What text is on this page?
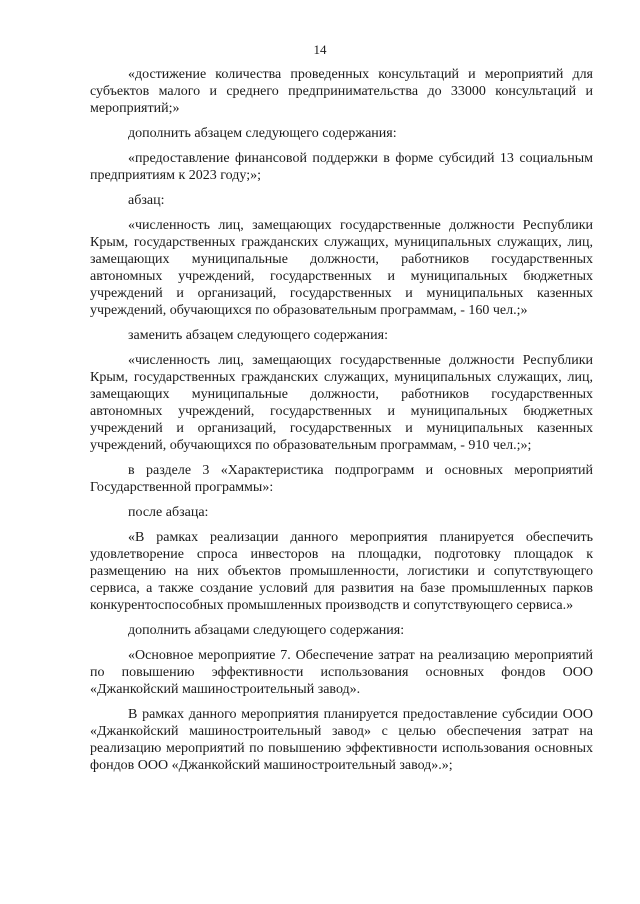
14

«достижение количества проведенных консультаций и мероприятий для субъектов малого и среднего предпринимательства до 33000 консультаций и мероприятий;»

дополнить абзацем следующего содержания:

«предоставление финансовой поддержки в форме субсидий 13 социальным предприятиям к 2023 году;»;

абзац:

«численность лиц, замещающих государственные должности Республики Крым, государственных гражданских служащих, муниципальных служащих, лиц, замещающих муниципальные должности, работников государственных автономных учреждений, государственных и муниципальных бюджетных учреждений и организаций, государственных и муниципальных казенных учреждений, обучающихся по образовательным программам, - 160 чел.;»

заменить абзацем следующего содержания:

«численность лиц, замещающих государственные должности Республики Крым, государственных гражданских служащих, муниципальных служащих, лиц, замещающих муниципальные должности, работников государственных автономных учреждений, государственных и муниципальных бюджетных учреждений и организаций, государственных и муниципальных казенных учреждений, обучающихся по образовательным программам, - 910 чел.;»;

в разделе 3 «Характеристика подпрограмм и основных мероприятий Государственной программы»:

после абзаца:

«В рамках реализации данного мероприятия планируется обеспечить удовлетворение спроса инвесторов на площадки, подготовку площадок к размещению на них объектов промышленности, логистики и сопутствующего сервиса, а также создание условий для развития на базе промышленных парков конкурентоспособных промышленных производств и сопутствующего сервиса.»

дополнить абзацами следующего содержания:

«Основное мероприятие 7. Обеспечение затрат на реализацию мероприятий по повышению эффективности использования основных фондов ООО «Джанкойский машиностроительный завод».

В рамках данного мероприятия планируется предоставление субсидии ООО «Джанкойский машиностроительный завод» с целью обеспечения затрат на реализацию мероприятий по повышению эффективности использования основных фондов ООО «Джанкойский машиностроительный завод».»;
